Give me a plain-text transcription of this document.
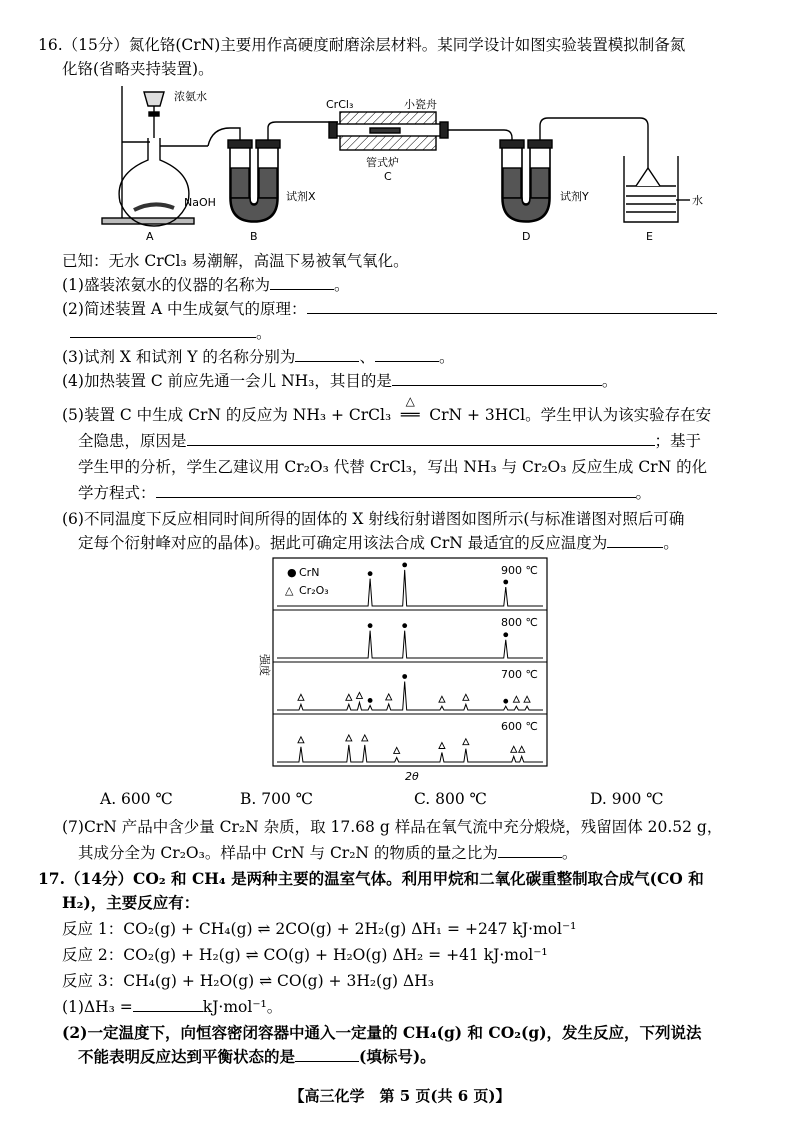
16.（15分）氮化铬(CrN)主要用作高硬度耐磨涂层材料。某同学设计如图实验装置模拟制备氮
化铬(省略夹持装置)。
浓氨水
NaOH
CrCl₃	小瓷舟
管式炉
试剂X	试剂Y	水
A	B
C
D	E
已知：无水 CrCl₃ 易潮解，高温下易被氧气氧化。
(1)盛装浓氨水的仪器的名称为	。
(2)简述装置 A 中生成氨气的原理：
。
(3)试剂 X 和试剂 Y 的名称分别为	、	。
(4)加热装置 C 前应先通一会儿 NH₃，其目的是	。
(5)装置 C 中生成 CrN 的反应为 NH₃ + CrCl₃
△
══ CrN + 3HCl。学生甲认为该实验存在安
全隐患，原因是	；基于
学生甲的分析，学生乙建议用 Cr₂O₃ 代替 CrCl₃，写出 NH₃ 与 Cr₂O₃ 反应生成 CrN 的化
学方程式：	。
(6)不同温度下反应相同时间所得的固体的 X 射线衍射谱图如图所示(与标准谱图对照后可确
定每个衍射峰对应的晶体)。据此可确定用该法合成 CrN 最适宜的反应温度为	。
900 ℃
800 ℃
700 ℃
600 ℃
● CrN
△ Cr₂O₃
强度
2θ
A. 600 ℃	B. 700 ℃	C. 800 ℃	D. 900 ℃
(7)CrN 产品中含少量 Cr₂N 杂质，取 17.68 g 样品在氧气流中充分煅烧，残留固体 20.52 g，
其成分全为 Cr₂O₃。样品中 CrN 与 Cr₂N 的物质的量之比为	。
17.（14分）CO₂ 和 CH₄ 是两种主要的温室气体。利用甲烷和二氧化碳重整制取合成气(CO 和
H₂)，主要反应有：
反应 1：CO₂(g) + CH₄(g) ⇌ 2CO(g) + 2H₂(g) ΔH₁ = +247 kJ·mol⁻¹
反应 2：CO₂(g) + H₂(g) ⇌ CO(g) + H₂O(g) ΔH₂ = +41 kJ·mol⁻¹
反应 3：CH₄(g) + H₂O(g) ⇌ CO(g) + 3H₂(g) ΔH₃
(1)ΔH₃ =	kJ·mol⁻¹。
(2)一定温度下，向恒容密闭容器中通入一定量的 CH₄(g) 和 CO₂(g)，发生反应，下列说法
不能表明反应达到平衡状态的是	(填标号)。
【高三化学　第 5 页(共 6 页)】
